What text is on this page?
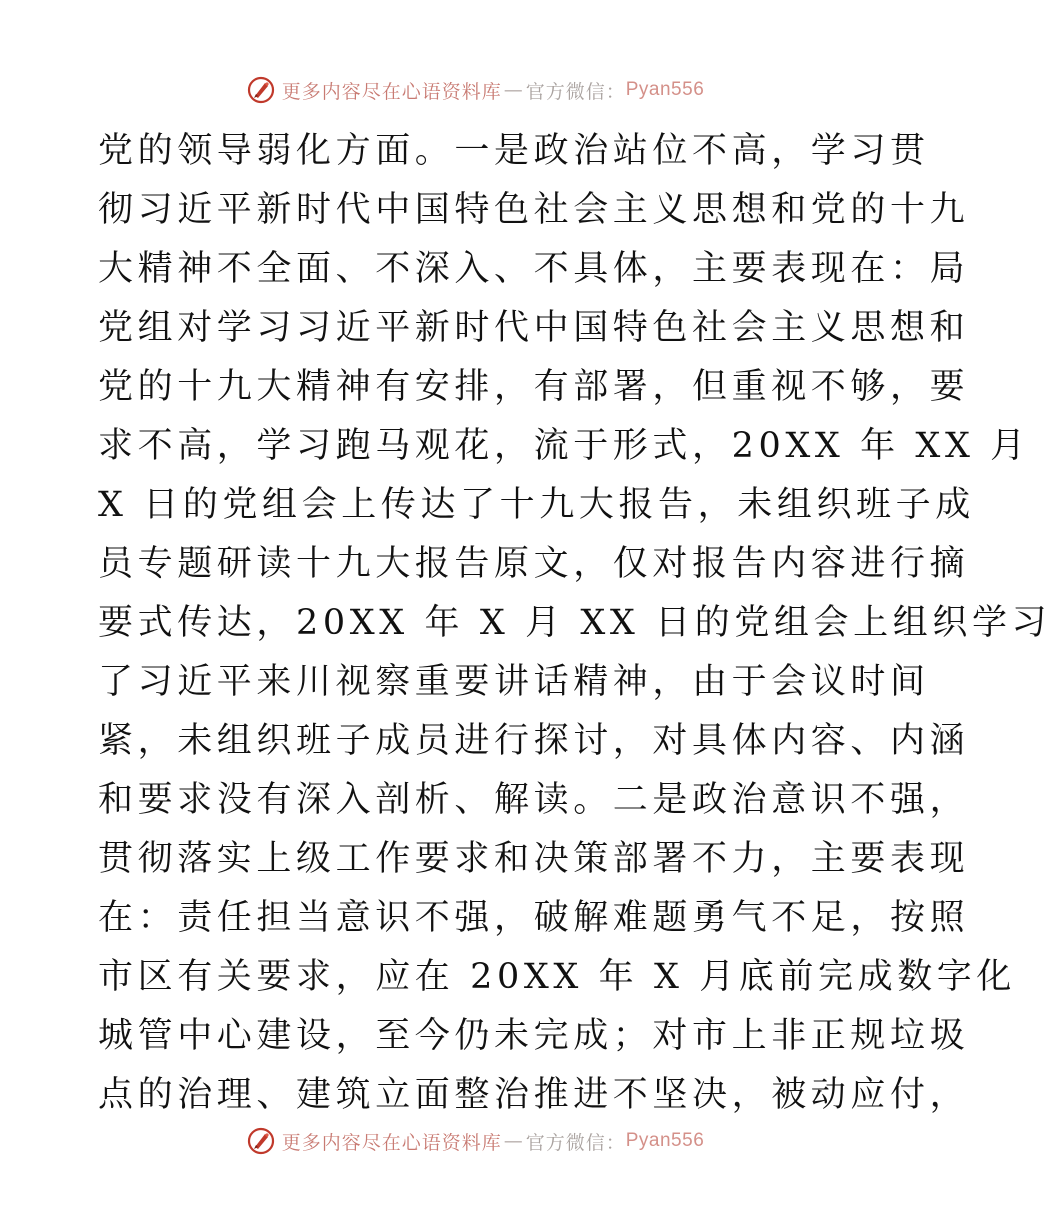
更多内容尽在心语资料库 — 官方微信： Pyan556
党的领导弱化方面。一是政治站位不高，学习贯
彻习近平新时代中国特色社会主义思想和党的十九
大精神不全面、不深入、不具体，主要表现在：局
党组对学习习近平新时代中国特色社会主义思想和
党的十九大精神有安排，有部署，但重视不够，要
求不高，学习跑马观花，流于形式，20XX 年 XX 月
X 日的党组会上传达了十九大报告，未组织班子成
员专题研读十九大报告原文，仅对报告内容进行摘
要式传达，20XX 年 X 月 XX 日的党组会上组织学习
了习近平来川视察重要讲话精神，由于会议时间
紧，未组织班子成员进行探讨，对具体内容、内涵
和要求没有深入剖析、解读。二是政治意识不强，
贯彻落实上级工作要求和决策部署不力，主要表现
在：责任担当意识不强，破解难题勇气不足，按照
市区有关要求，应在 20XX 年 X 月底前完成数字化
城管中心建设，至今仍未完成；对市上非正规垃圾
点的治理、建筑立面整治推进不坚决，被动应付，
更多内容尽在心语资料库 — 官方微信： Pyan556
